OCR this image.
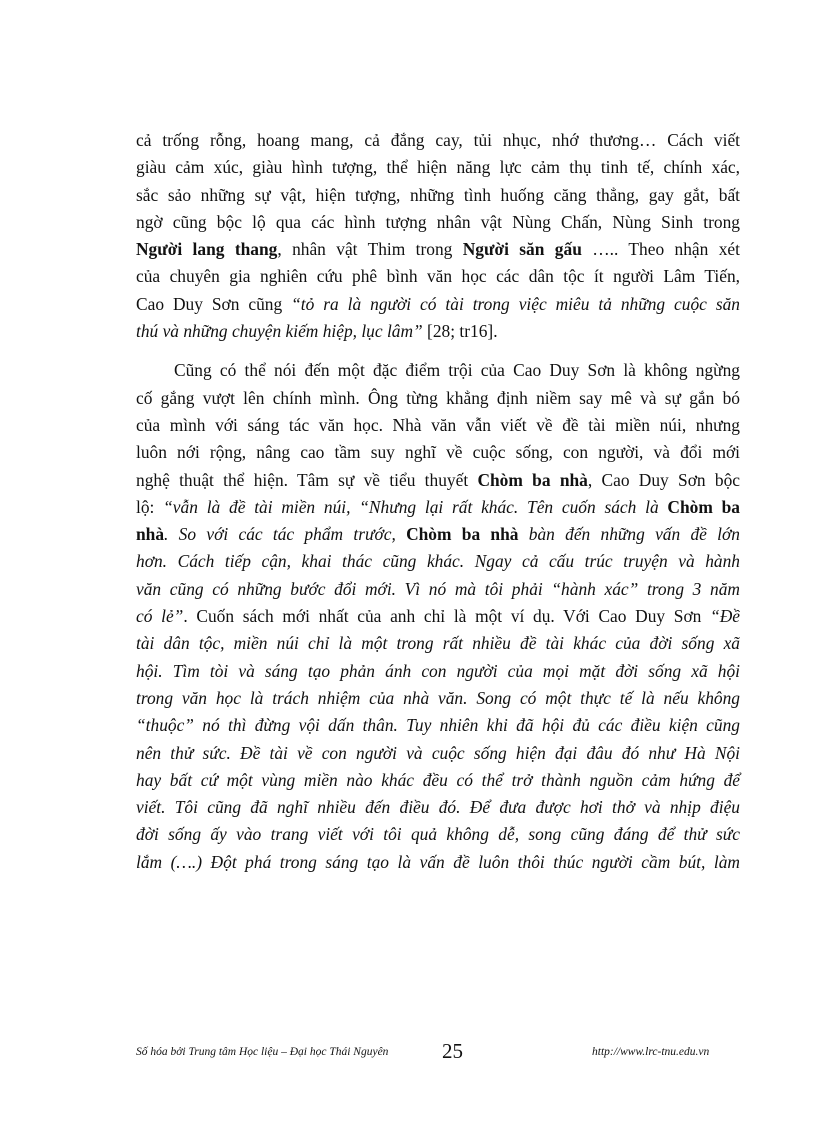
cả trống rỗng, hoang mang, cả đắng cay, tủi nhục, nhớ thương… Cách viết
giàu cảm xúc, giàu hình tượng, thể hiện năng lực cảm thụ tinh tế, chính xác,
sắc sảo những sự vật, hiện tượng, những tình huống căng thẳng, gay gắt, bất
ngờ cũng bộc lộ qua các hình tượng nhân vật Nùng Chấn, Nùng Sinh trong
Người lang thang, nhân vật Thim trong Người săn gấu ….. Theo nhận xét
của chuyên gia nghiên cứu phê bình văn học các dân tộc ít người Lâm Tiến,
Cao Duy Sơn cũng “tỏ ra là người có tài trong việc miêu tả những cuộc săn
thú và những chuyện kiếm hiệp, lục lâm” [28; tr16].
Cũng có thể nói đến một đặc điểm trội của Cao Duy Sơn là không ngừng
cố gắng vượt lên chính mình. Ông từng khẳng định niềm say mê và sự gắn bó
của mình với sáng tác văn học. Nhà văn vẫn viết về đề tài miền núi, nhưng
luôn nới rộng, nâng cao tầm suy nghĩ về cuộc sống, con người, và đổi mới
nghệ thuật thể hiện. Tâm sự về tiểu thuyết Chòm ba nhà, Cao Duy Sơn bộc
lộ: “vẫn là đề tài miền núi, “Nhưng lại rất khác. Tên cuốn sách là Chòm ba
nhà. So với các tác phẩm trước, Chòm ba nhà bàn đến những vấn đề lớn
hơn. Cách tiếp cận, khai thác cũng khác. Ngay cả cấu trúc truyện và hành
văn cũng có những bước đổi mới. Vì nó mà tôi phải “hành xác” trong 3 năm
có lẻ”. Cuốn sách mới nhất của anh chỉ là một ví dụ. Với Cao Duy Sơn “Đề
tài dân tộc, miền núi chỉ là một trong rất nhiều đề tài khác của đời sống xã
hội. Tìm tòi và sáng tạo phản ánh con người của mọi mặt đời sống xã hội
trong văn học là trách nhiệm của nhà văn. Song có một thực tế là nếu không
“thuộc” nó thì đừng vội dấn thân. Tuy nhiên khi đã hội đủ các điều kiện cũng
nên thử sức. Đề tài về con người và cuộc sống hiện đại đâu đó như Hà Nội
hay bất cứ một vùng miền nào khác đều có thể trở thành nguồn cảm hứng để
viết. Tôi cũng đã nghĩ nhiều đến điều đó. Để đưa được hơi thở và nhịp điệu
đời sống ấy vào trang viết với tôi quả không dễ, song cũng đáng để thử sức
lắm (….) Đột phá trong sáng tạo là vấn đề luôn thôi thúc người cầm bút, làm
Số hóa bởi Trung tâm Học liệu – Đại học Thái Nguyên	25	http://www.lrc-tnu.edu.vn
